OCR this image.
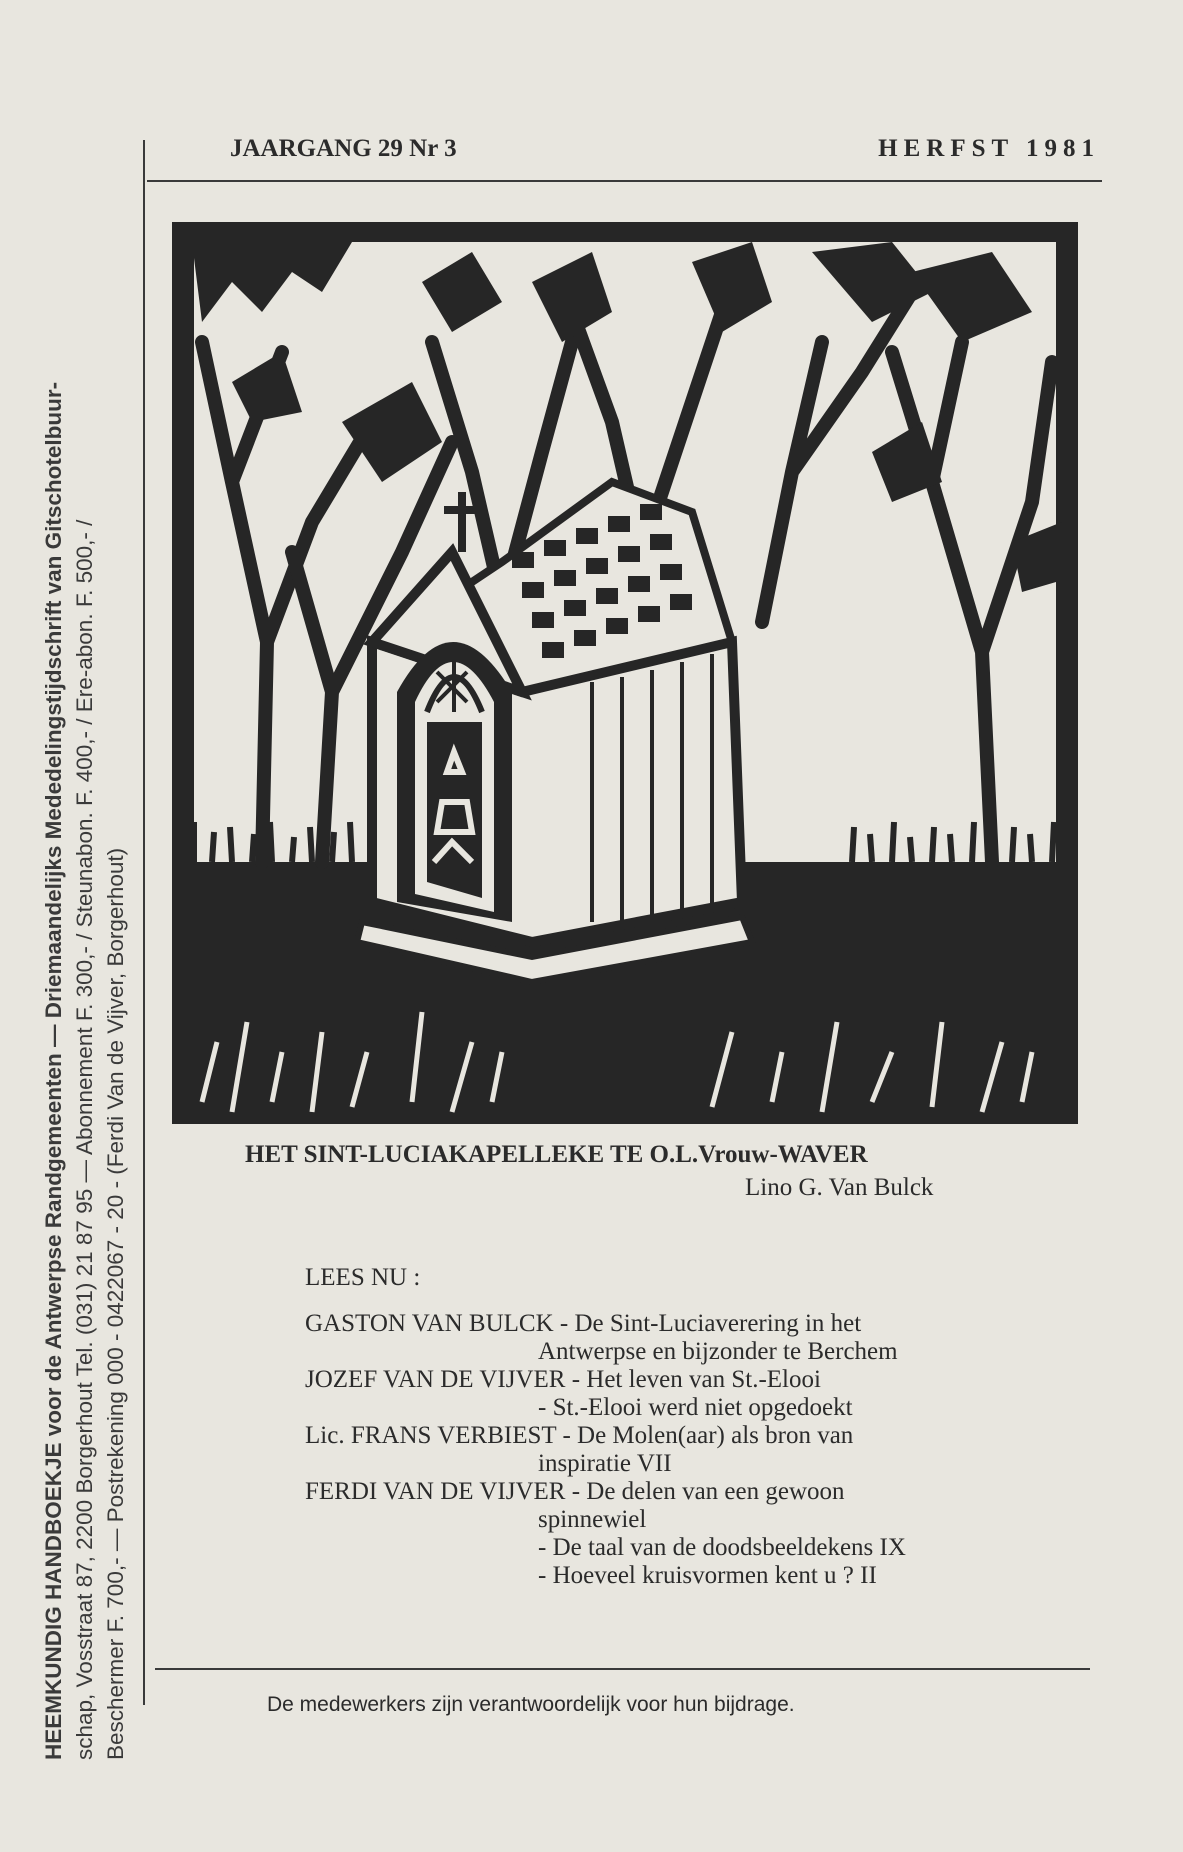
HEEMKUNDIG HANDBOEKJE voor de Antwerpse Randgemeenten — Driemaandelijks Mededelingstijdschrift van Gitschotelbuur- schap, Vosstraat 87, 2200 Borgerhout Tel. (031) 21 87 95 — Abonnement F. 300,- / Steunabon. F. 400,- / Ere-abon. F. 500,- / Beschermer F. 700,- — Postrekening 000 - 0422067 - 20 - (Ferdi Van de Vijver, Borgerhout)
JAARGANG 29 Nr 3	HERFST 1981
HET SINT-LUCIAKAPELLEKE TE O.L.Vrouw-WAVER
Lino G. Van Bulck
LEES NU :
GASTON VAN BULCK - De Sint-Luciaverering in het
Antwerpse en bijzonder te Berchem
JOZEF VAN DE VIJVER - Het leven van St.-Elooi
- St.-Elooi werd niet opgedoekt
Lic. FRANS VERBIEST - De Molen(aar) als bron van
inspiratie VII
FERDI VAN DE VIJVER - De delen van een gewoon
spinnewiel
- De taal van de doodsbeeldekens IX
- Hoeveel kruisvormen kent u ? II
De medewerkers zijn verantwoordelijk voor hun bijdrage.
